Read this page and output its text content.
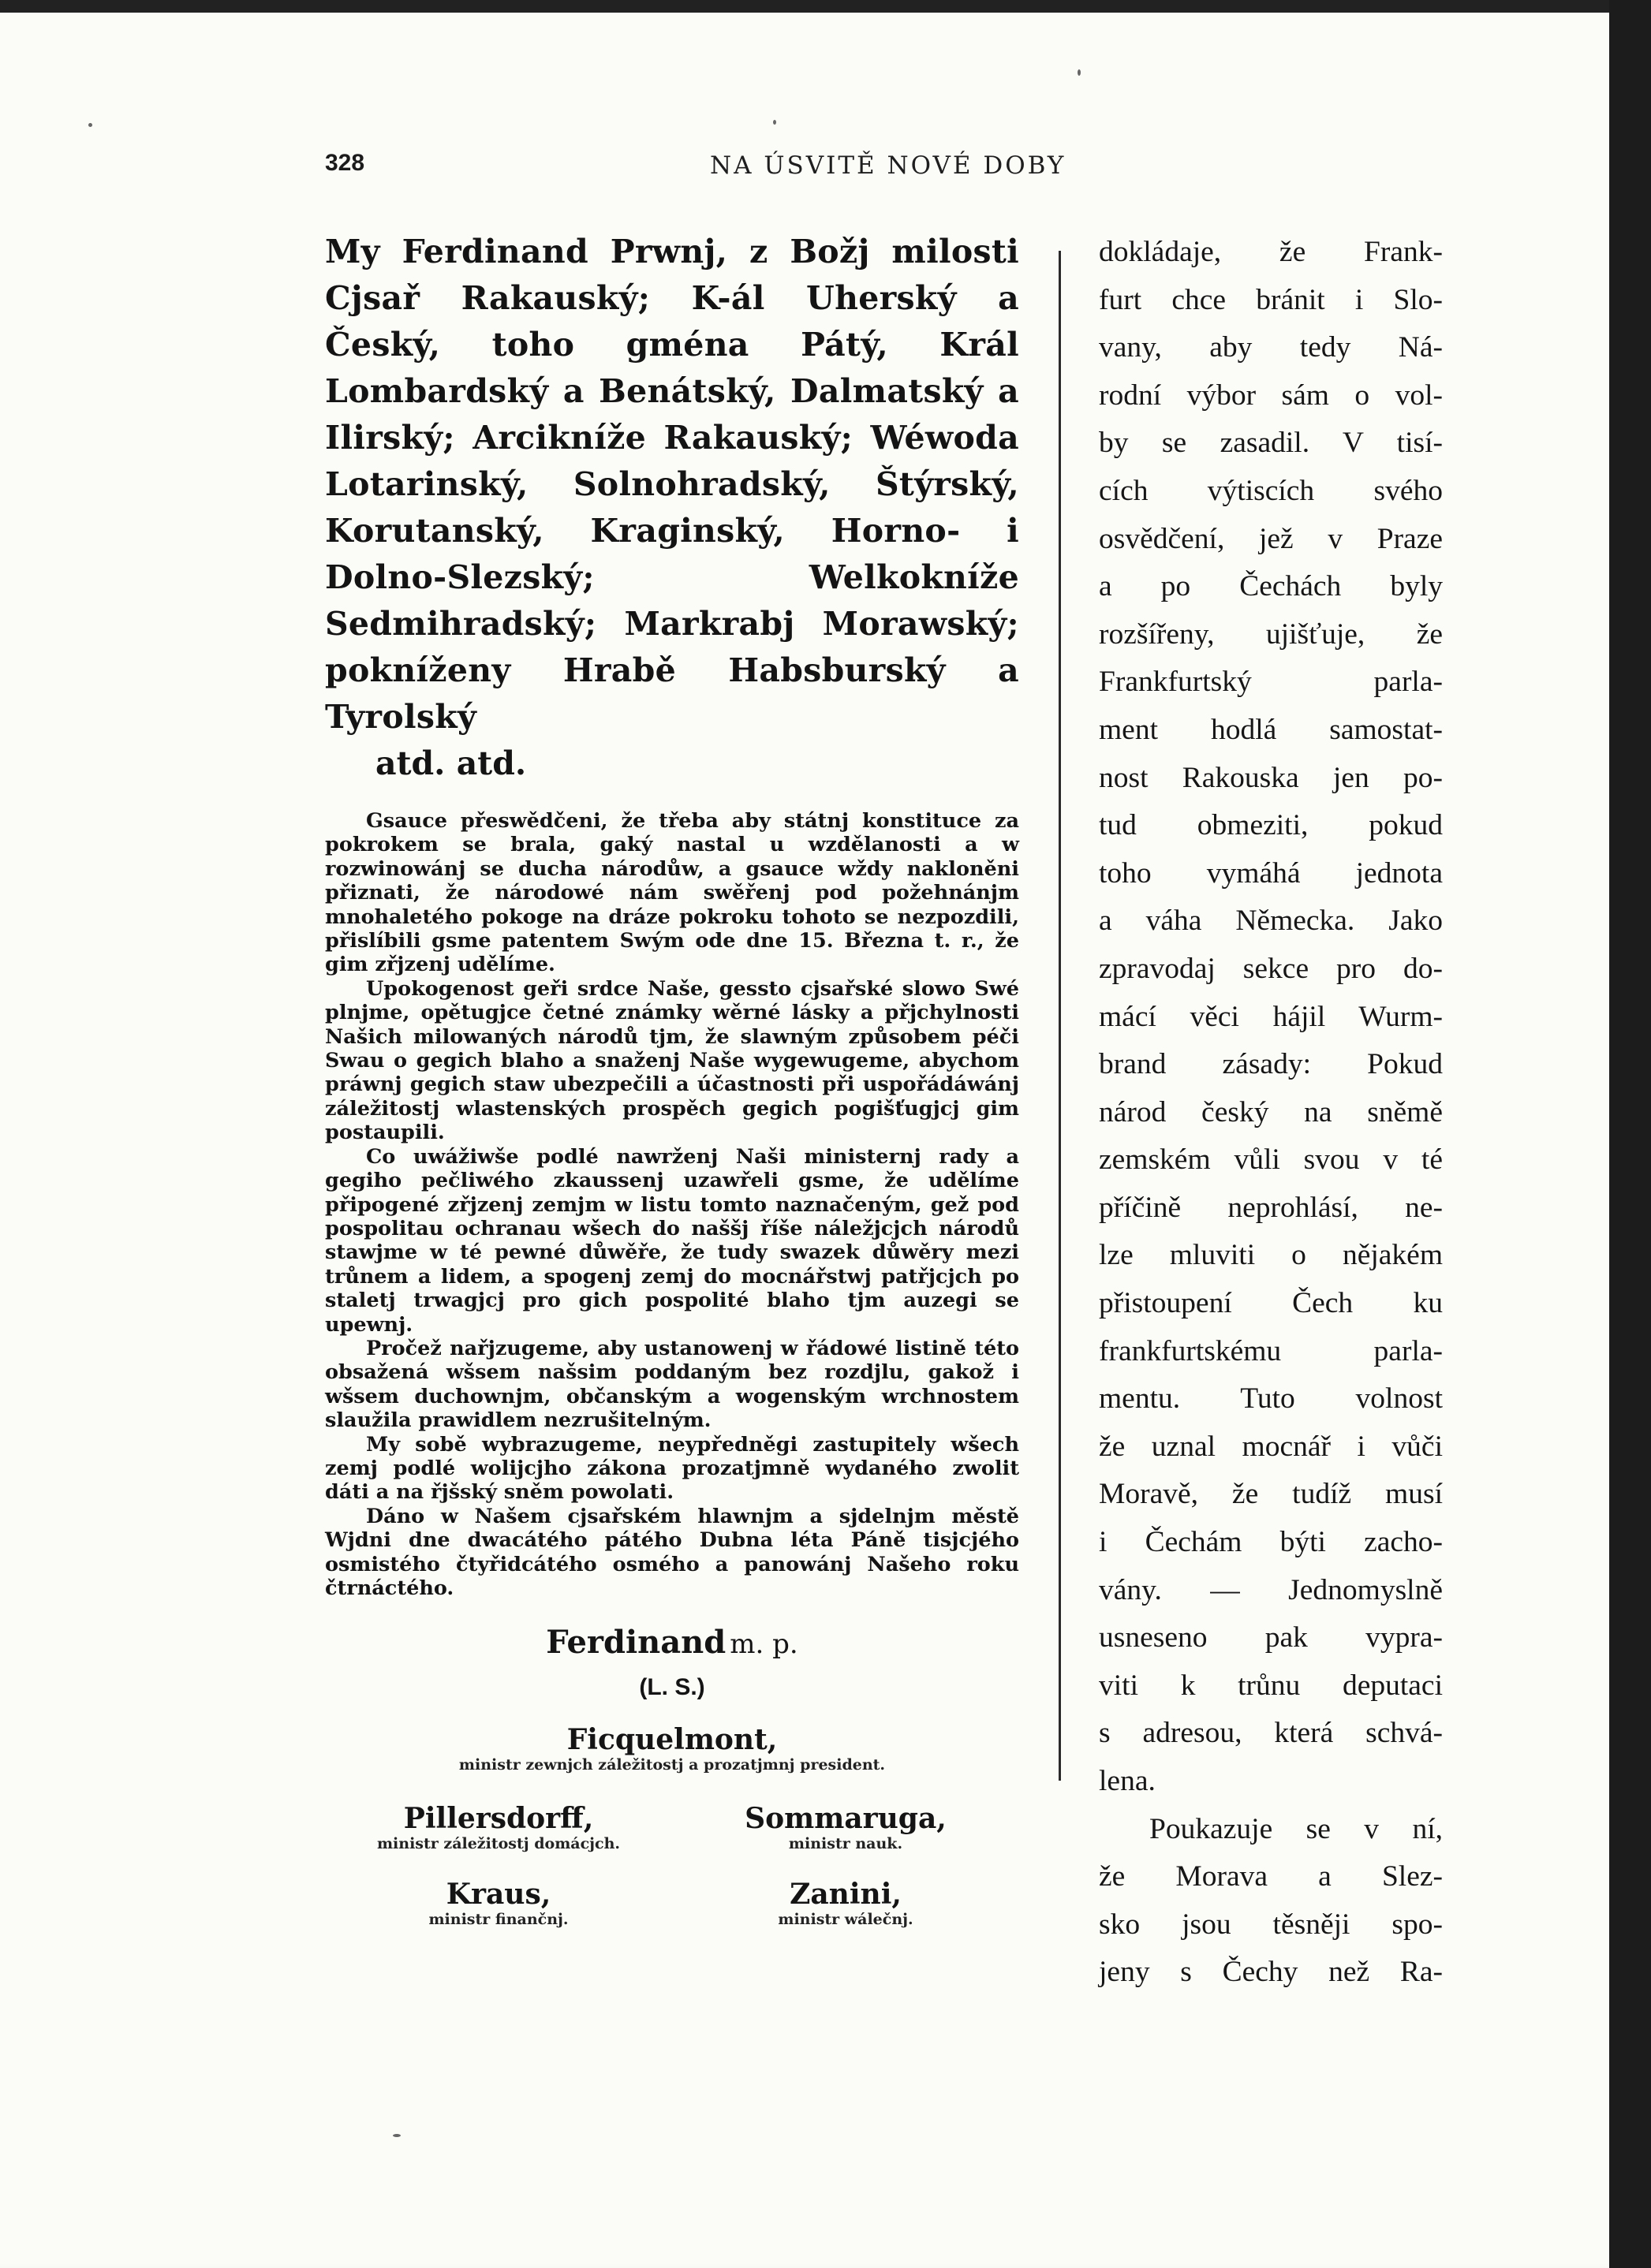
328	NA ÚSVITĚ NOVÉ DOBY

My Ferdinand Prwnj, z Božj milosti Cjsař Rakauský; K-ál Uherský a Český, toho gména Pátý, Král Lombardský a Benátský, Dalmatský a Ilirský; Arcikníže Rakauský; Wéwoda Lotarinský, Solnohradský, Štýrský, Korutanský, Kraginský, Horno- i Dolno-Slezský; Welkokníže Sedmihradský; Markrabj Morawský; pokníženy Hrabě Habsburský a Tyrolský

atd. atd.

Gsauce přeswědčeni, že třeba aby státnj konstituce za pokrokem se brala, gaký nastal u wzdělanosti a w rozwinowánj se ducha národůw, a gsauce wždy nakloněni přiznati, že národowé nám swěřenj pod požehnánjm mnohaletého pokoge na dráze pokroku tohoto se nezpozdili, přislíbili gsme patentem Swým ode dne 15. Března t. r., že gim zřjzenj udělíme.

Upokogenost geři srdce Naše, gessto cjsařské slowo Swé plnjme, opětugjce četné známky wěrné lásky a přjchylnosti Našich milowaných národů tjm, že slawným způsobem péči Swau o gegich blaho a snaženj Naše wygewugeme, abychom práwnj gegich staw ubezpečili a účastnosti při uspořádáwánj záležitostj wlastenských prospěch gegich pogišťugjcj gim postaupili.

Co uwážiwše podlé nawrženj Naši ministernj rady a gegiho pečliwého zkaussenj uzawřeli gsme, že udělíme připogené zřjzenj zemjm w listu tomto naznačeným, gež pod pospolitau ochranau wšech do naššj říše náležjcjch národů stawjme w té pewné důwěře, že tudy swazek důwěry mezi trůnem a lidem, a spogenj zemj do mocnářstwj patřjcjch po staletj trwagjcj pro gich pospolité blaho tjm auzegi se upewnj.

Pročež nařjzugeme, aby ustanowenj w řádowé listině této obsažená wšsem našsim poddaným bez rozdjlu, gakož i wšsem duchownjm, občanským a wogenským wrchnostem slaužila prawidlem nezrušitelným.

My sobě wybrazugeme, neypředněgi zastupitely wšech zemj podlé wolijcjho zákona prozatjmně wydaného zwolit dáti a na řjšský sněm powolati.

Dáno w Našem cjsařském hlawnjm a sjdelnjm městě Wjdni dne dwacátého pátého Dubna léta Páně tisjcjého osmistého čtyřidcátého osmého a panowánj Našeho roku čtrnáctého.

Ferdinand m. p.
(L. S.)
Ficquelmont,
ministr zewnjch záležitostj a prozatjmnj president.
Pillersdorff,
ministr záležitostj domácjch.
Sommaruga,
ministr nauk.
Kraus,
ministr finančnj.
Zanini,
ministr wálečnj.
dokládaje, že Frank-
furt chce bránit i Slo-
vany, aby tedy Ná-
rodní výbor sám o vol-
by se zasadil. V tisí-
cích výtiscích svého
osvědčení, jež v Praze
a po Čechách byly
rozšířeny, ujišťuje, že
Frankfurtský parla-
ment hodlá samostat-
nost Rakouska jen po-
tud obmeziti, pokud
toho vymáhá jednota
a váha Německa. Jako
zpravodaj sekce pro do-
mácí věci hájil Wurm-
brand zásady: Pokud
národ český na sněmě
zemském vůli svou v té
příčině neprohlásí, ne-
lze mluviti o nějakém
přistoupení Čech ku
frankfurtskému parla-
mentu. Tuto volnost
že uznal mocnář i vůči
Moravě, že tudíž musí
i Čechám býti zacho-
vány. — Jednomyslně
usneseno pak vypra-
viti k trůnu deputaci
s adresou, která schvá-
lena.
Poukazuje se v ní,
že Morava a Slez-
sko jsou těsněji spo-
jeny s Čechy než Ra-
